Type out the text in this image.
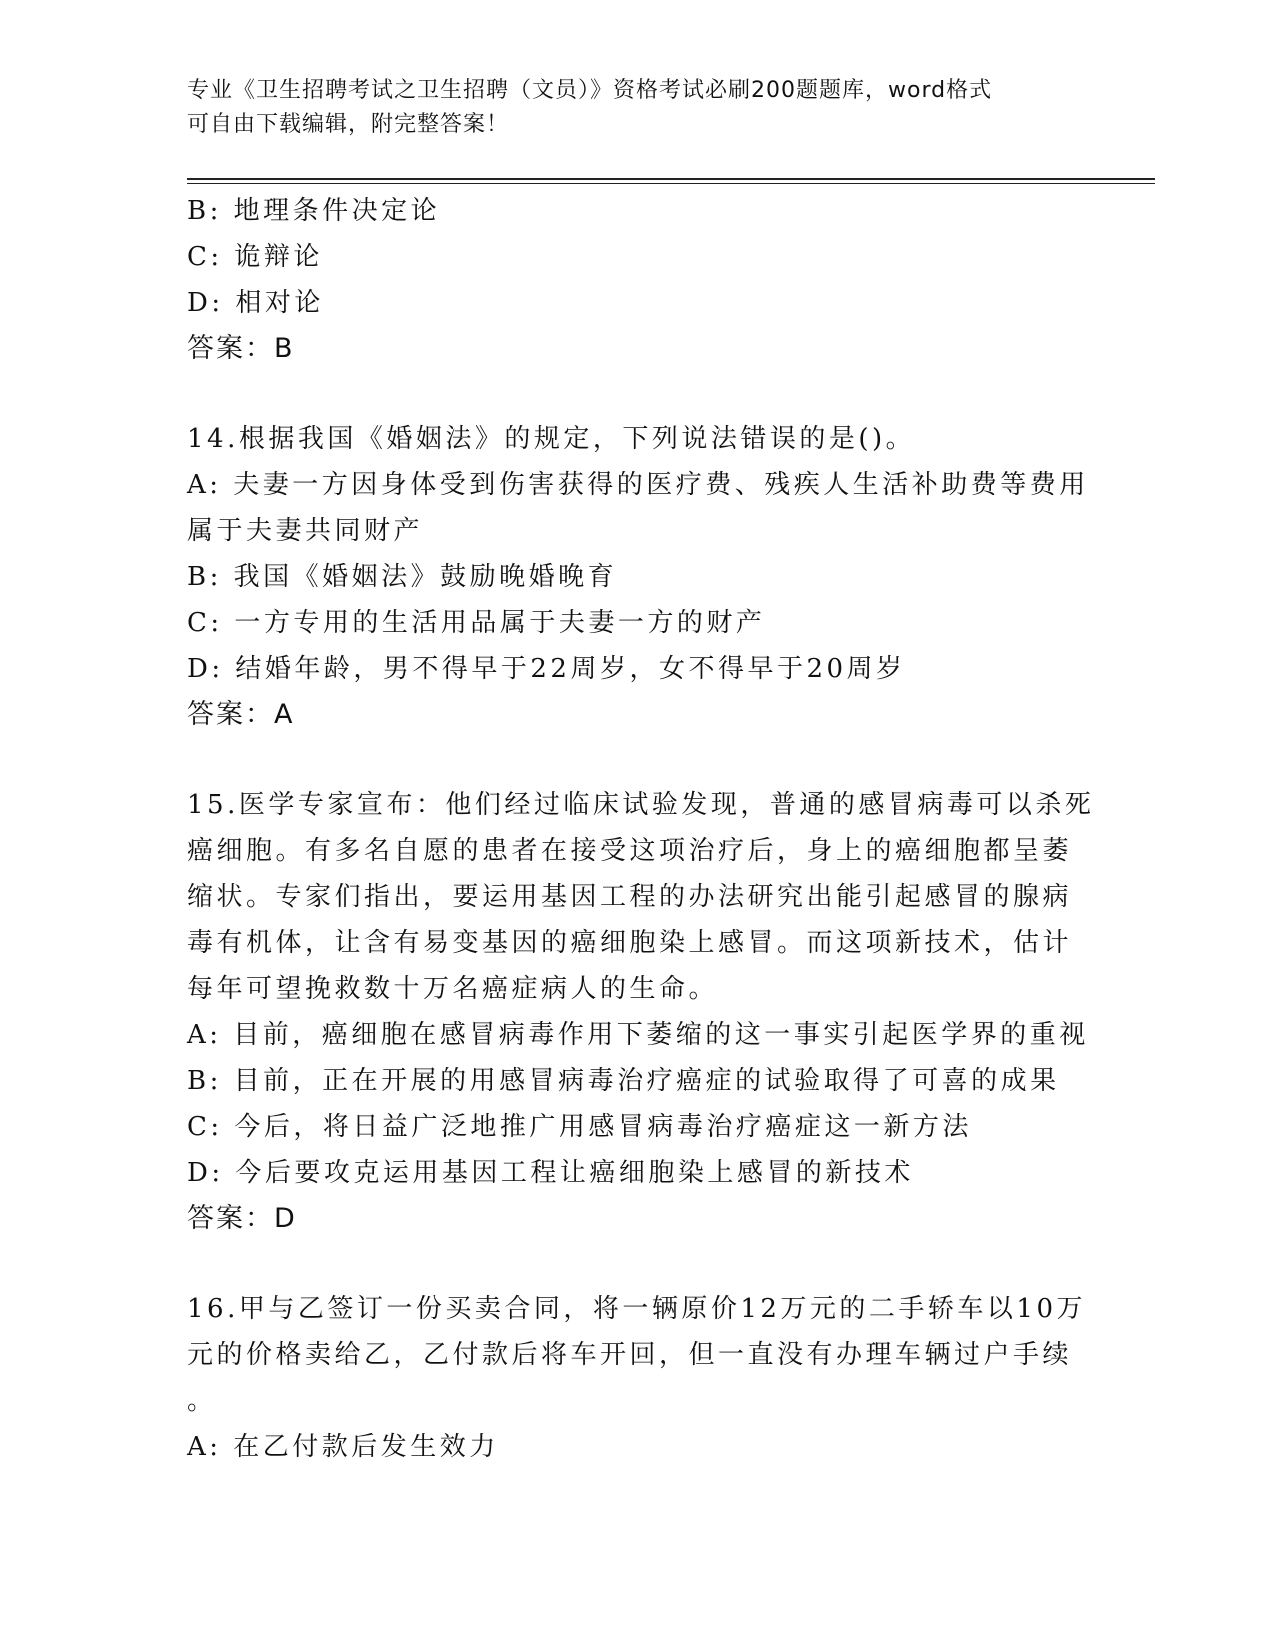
专业《卫生招聘考试之卫生招聘（文员）》资格考试必刷200题题库，word格式
可自由下载编辑，附完整答案！
B: 地理条件决定论
C: 诡辩论
D: 相对论
答案：B
14.根据我国《婚姻法》的规定，下列说法错误的是()。
A: 夫妻一方因身体受到伤害获得的医疗费、残疾人生活补助费等费用
属于夫妻共同财产
B: 我国《婚姻法》鼓励晚婚晚育
C: 一方专用的生活用品属于夫妻一方的财产
D: 结婚年龄，男不得早于22周岁，女不得早于20周岁
答案：A
15.医学专家宣布：他们经过临床试验发现，普通的感冒病毒可以杀死
癌细胞。有多名自愿的患者在接受这项治疗后，身上的癌细胞都呈萎
缩状。专家们指出，要运用基因工程的办法研究出能引起感冒的腺病
毒有机体，让含有易变基因的癌细胞染上感冒。而这项新技术，估计
每年可望挽救数十万名癌症病人的生命。
A: 目前，癌细胞在感冒病毒作用下萎缩的这一事实引起医学界的重视
B: 目前，正在开展的用感冒病毒治疗癌症的试验取得了可喜的成果
C: 今后，将日益广泛地推广用感冒病毒治疗癌症这一新方法
D: 今后要攻克运用基因工程让癌细胞染上感冒的新技术
答案：D
16.甲与乙签订一份买卖合同，将一辆原价12万元的二手轿车以10万
元的价格卖给乙，乙付款后将车开回，但一直没有办理车辆过户手续
。
A: 在乙付款后发生效力
